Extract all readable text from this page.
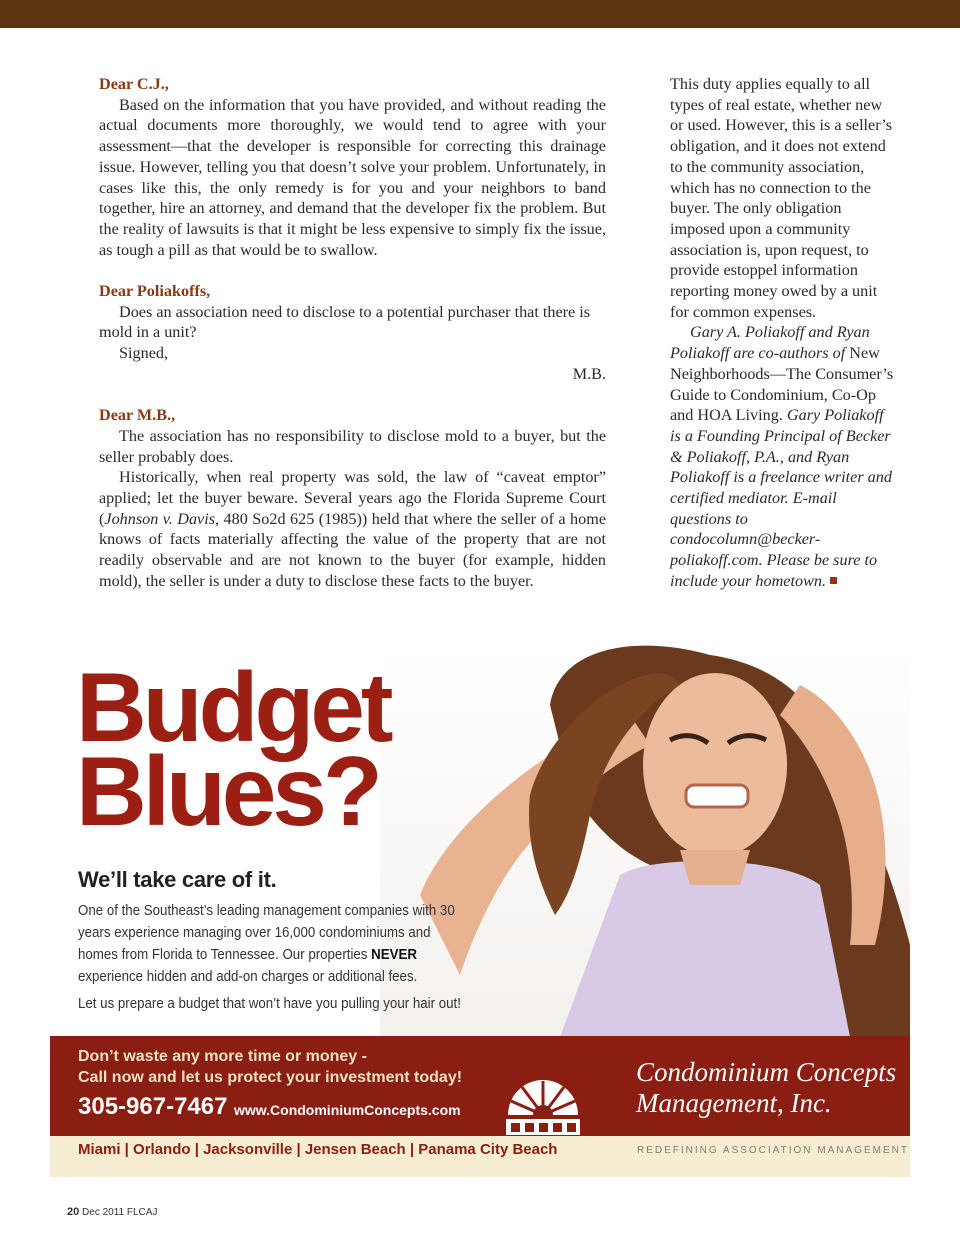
Dear C.J.,

Based on the information that you have provided, and without reading the actual documents more thoroughly, we would tend to agree with your assessment—that the developer is responsible for correcting this drainage issue. However, telling you that doesn’t solve your problem. Unfortunately, in cases like this, the only remedy is for you and your neighbors to band together, hire an attorney, and demand that the developer fix the problem. But the reality of lawsuits is that it might be less expensive to simply fix the issue, as tough a pill as that would be to swallow.

Dear Poliakoffs,

Does an association need to disclose to a potential purchaser that there is mold in a unit?

Signed,

M.B.

Dear M.B.,

The association has no responsibility to disclose mold to a buyer, but the seller probably does.

Historically, when real property was sold, the law of “caveat emptor” applied; let the buyer beware. Several years ago the Florida Supreme Court (Johnson v. Davis, 480 So2d 625 (1985)) held that where the seller of a home knows of facts materially affecting the value of the property that are not readily observable and are not known to the buyer (for example, hidden mold), the seller is under a duty to disclose these facts to the buyer.

This duty applies equally to all types of real estate, whether new or used. However, this is a seller’s obligation, and it does not extend to the community association, which has no connection to the buyer. The only obligation imposed upon a community association is, upon request, to provide estoppel information reporting money owed by a unit for common expenses.

Gary A. Poliakoff and Ryan Poliakoff are co-authors of New Neighborhoods—The Consumer’s Guide to Condominium, Co-Op and HOA Living. Gary Poliakoff is a Founding Principal of Becker & Poliakoff, P.A., and Ryan Poliakoff is a freelance writer and certified mediator. E-mail questions to condocolumn@becker-poliakoff.com. Please be sure to include your hometown.

Budget
Blues?

We’ll take care of it.

One of the Southeast’s leading management companies with 30 years experience managing over 16,000 condominiums and homes from Florida to Tennessee. Our properties NEVER experience hidden and add-on charges or additional fees.

Let us prepare a budget that won’t have you pulling your hair out!

Don’t waste any more time or money -
Call now and let us protect your investment today!

305-967-7467 www.CondominiumConcepts.com

Condominium Concepts
Management, Inc.

Miami | Orlando | Jacksonville | Jensen Beach | Panama City Beach	REDEFINING ASSOCIATION MANAGEMENT

20 Dec 2011 FLCAJ
